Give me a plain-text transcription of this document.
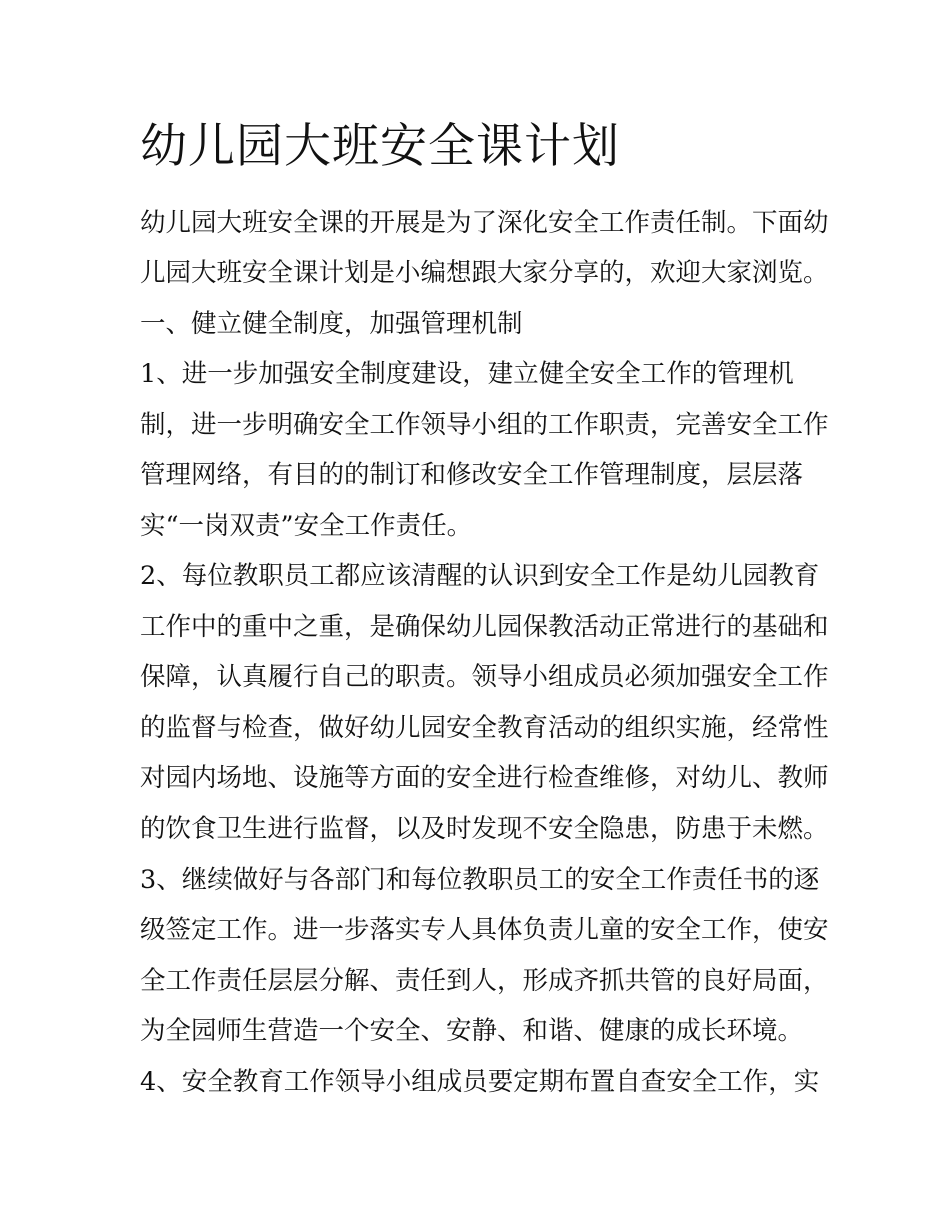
幼儿园大班安全课计划
幼儿园大班安全课的开展是为了深化安全工作责任制。下面幼
儿园大班安全课计划是小编想跟大家分享的，欢迎大家浏览。
一、健立健全制度，加强管理机制
1、进一步加强安全制度建设，建立健全安全工作的管理机
制，进一步明确安全工作领导小组的工作职责，完善安全工作
管理网络，有目的的制订和修改安全工作管理制度，层层落
实“一岗双责”安全工作责任。
2、每位教职员工都应该清醒的认识到安全工作是幼儿园教育
工作中的重中之重，是确保幼儿园保教活动正常进行的基础和
保障，认真履行自己的职责。领导小组成员必须加强安全工作
的监督与检查，做好幼儿园安全教育活动的组织实施，经常性
对园内场地、设施等方面的安全进行检查维修，对幼儿、教师
的饮食卫生进行监督，以及时发现不安全隐患，防患于未燃。
3、继续做好与各部门和每位教职员工的安全工作责任书的逐
级签定工作。进一步落实专人具体负责儿童的安全工作，使安
全工作责任层层分解、责任到人，形成齐抓共管的良好局面，
为全园师生营造一个安全、安静、和谐、健康的成长环境。
4、安全教育工作领导小组成员要定期布置自查安全工作，实
